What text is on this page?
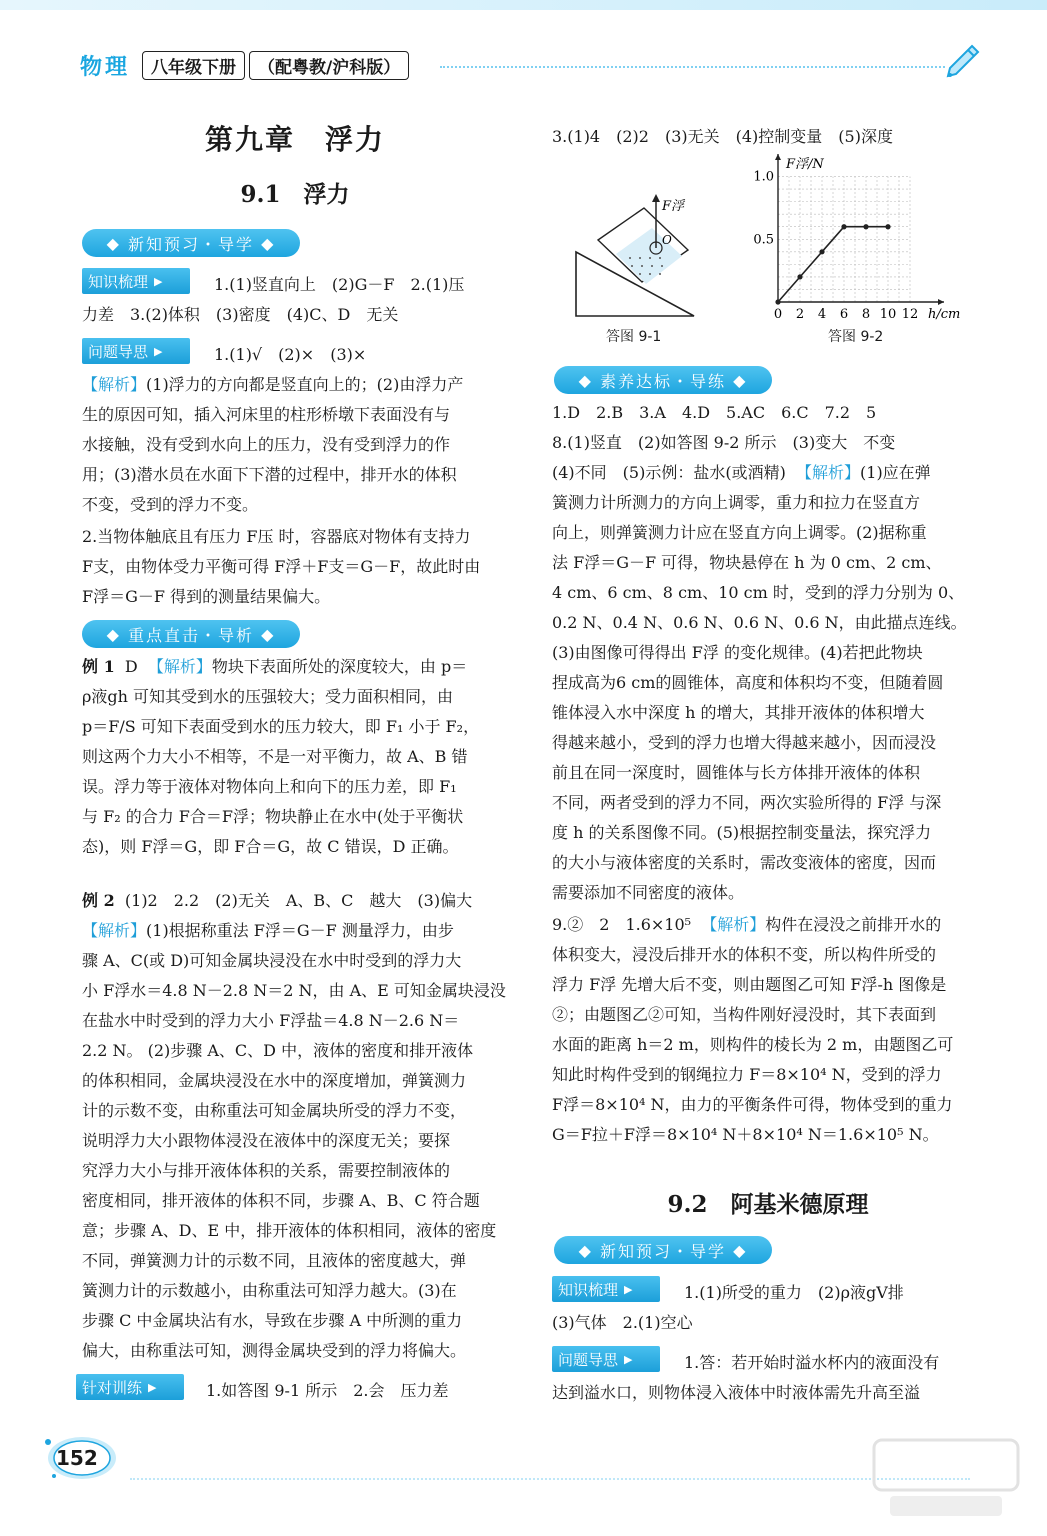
物理	八年级下册	（配粤教/沪科版）
第九章　浮力
9.1　浮力
◆ 新知预习・导学 ◆
知识梳理 ▶	1.(1)竖直向上　(2)G－F　2.(1)压
力差　3.(2)体积　(3)密度　(4)C、D　无关
问题导思 ▶	1.(1)√　(2)×　(3)×
【解析】(1)浮力的方向都是竖直向上的；(2)由浮力产
生的原因可知，插入河床里的柱形桥墩下表面没有与
水接触，没有受到水向上的压力，没有受到浮力的作
用；(3)潜水员在水面下下潜的过程中，排开水的体积
不变，受到的浮力不变。
2.当物体触底且有压力 F压 时，容器底对物体有支持力
F支，由物体受力平衡可得 F浮＋F支＝G－F，故此时由
F浮＝G－F 得到的测量结果偏大。
◆ 重点直击・导析 ◆
例 1 D 【解析】物块下表面所处的深度较大，由 p＝
ρ液gh 可知其受到水的压强较大；受力面积相同，由
p＝F/S 可知下表面受到水的压力较大，即 F₁ 小于 F₂，
则这两个力大小不相等，不是一对平衡力，故 A、B 错
误。浮力等于液体对物体向上和向下的压力差，即 F₁
与 F₂ 的合力 F合＝F浮；物块静止在水中(处于平衡状
态)，则 F浮＝G，即 F合＝G，故 C 错误，D 正确。
例 2 (1)2　2.2　(2)无关　A、B、C　越大　(3)偏大
【解析】(1)根据称重法 F浮＝G－F 测量浮力，由步
骤 A、C(或 D)可知金属块浸没在水中时受到的浮力大
小 F浮水＝4.8 N－2.8 N＝2 N，由 A、E 可知金属块浸没
在盐水中时受到的浮力大小 F浮盐＝4.8 N－2.6 N＝
2.2 N。 (2)步骤 A、C、D 中，液体的密度和排开液体
的体积相同，金属块浸没在水中的深度增加，弹簧测力
计的示数不变，由称重法可知金属块所受的浮力不变，
说明浮力大小跟物体浸没在液体中的深度无关；要探
究浮力大小与排开液体体积的关系，需要控制液体的
密度相同，排开液体的体积不同，步骤 A、B、C 符合题
意；步骤 A、D、E 中，排开液体的体积相同，液体的密度
不同，弹簧测力计的示数不同，且液体的密度越大，弹
簧测力计的示数越小，由称重法可知浮力越大。(3)在
步骤 C 中金属块沾有水，导致在步骤 A 中所测的重力
偏大，由称重法可知，测得金属块受到的浮力将偏大。
针对训练 ▶	1.如答图 9-1 所示　2.会　压力差
3.(1)4　(2)2　(3)无关　(4)控制变量　(5)深度
F浮
O
答图 9-1
0 2 4 6 8 10 12
0.5
1.0
F浮/N
h/cm
答图 9-2
◆ 素养达标・导练 ◆
1.D　2.B　3.A　4.D　5.AC　6.C　7.2　5
8.(1)竖直　(2)如答图 9-2 所示　(3)变大　不变
(4)不同　(5)示例：盐水(或酒精) 【解析】(1)应在弹
簧测力计所测力的方向上调零，重力和拉力在竖直方
向上，则弹簧测力计应在竖直方向上调零。(2)据称重
法 F浮＝G－F 可得，物块悬停在 h 为 0 cm、2 cm、
4 cm、6 cm、8 cm、10 cm 时，受到的浮力分别为 0、
0.2 N、0.4 N、0.6 N、0.6 N、0.6 N，由此描点连线。
(3)由图像可得得出 F浮 的变化规律。(4)若把此物块
捏成高为6 cm的圆锥体，高度和体积均不变，但随着圆
锥体浸入水中深度 h 的增大，其排开液体的体积增大
得越来越小，受到的浮力也增大得越来越小，因而浸没
前且在同一深度时，圆锥体与长方体排开液体的体积
不同，两者受到的浮力不同，两次实验所得的 F浮 与深
度 h 的关系图像不同。(5)根据控制变量法，探究浮力
的大小与液体密度的关系时，需改变液体的密度，因而
需要添加不同密度的液体。
9.②　2　1.6×10⁵ 【解析】构件在浸没之前排开水的
体积变大，浸没后排开水的体积不变，所以构件所受的
浮力 F浮 先增大后不变，则由题图乙可知 F浮-h 图像是
②；由题图乙②可知，当构件刚好浸没时，其下表面到
水面的距离 h＝2 m，则构件的棱长为 2 m，由题图乙可
知此时构件受到的钢绳拉力 F＝8×10⁴ N，受到的浮力
F浮＝8×10⁴ N，由力的平衡条件可得，物体受到的重力
G＝F拉＋F浮＝8×10⁴ N＋8×10⁴ N＝1.6×10⁵ N。
9.2　阿基米德原理
◆ 新知预习・导学 ◆
知识梳理 ▶	1.(1)所受的重力　(2)ρ液gV排
(3)气体　2.(1)空心
问题导思 ▶	1.答：若开始时溢水杯内的液面没有
达到溢水口，则物体浸入液体中时液体需先升高至溢
152
